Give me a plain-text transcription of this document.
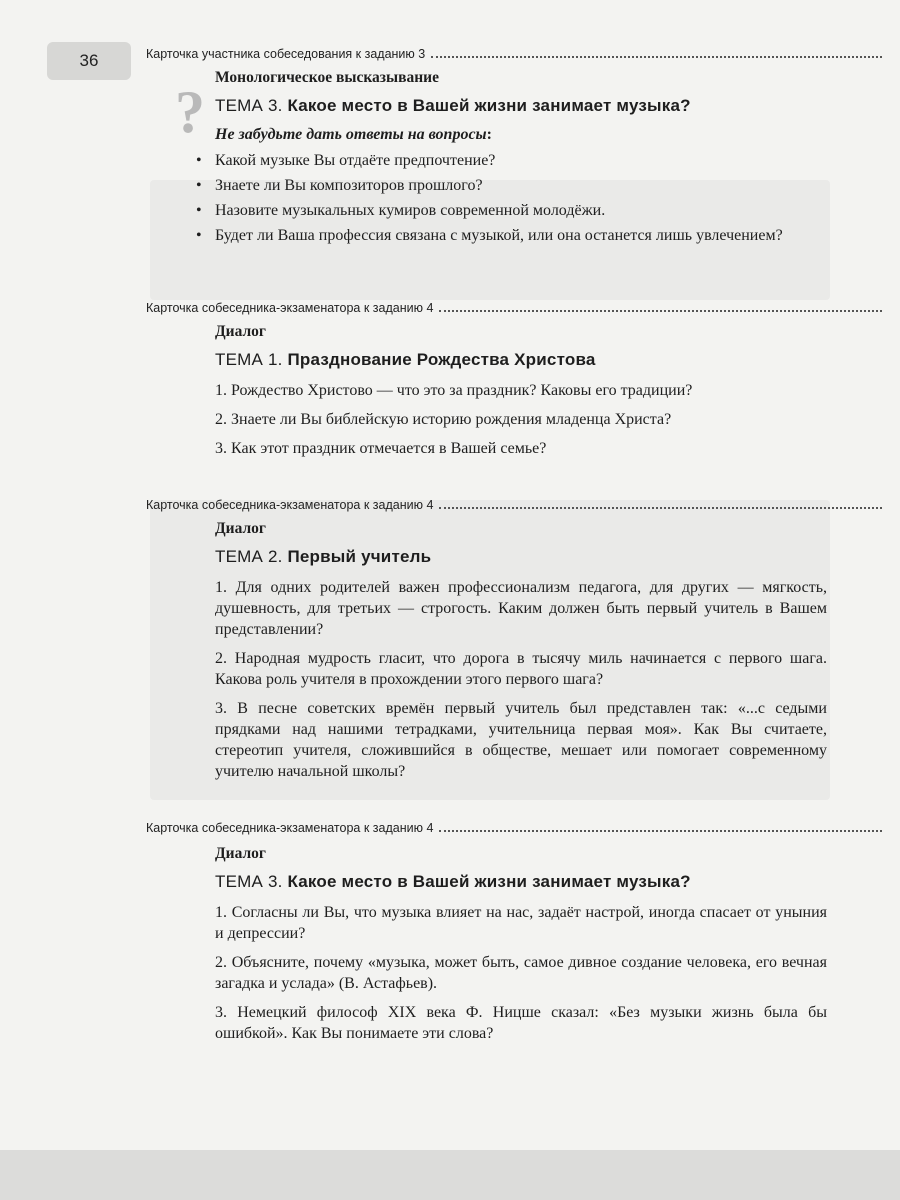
36	Карточка участника собеседования к заданию 3
?

Монологическое высказывание

ТЕМА 3. Какое место в Вашей жизни занимает музыка?

Не забудьте дать ответы на вопросы:

• Какой музыке Вы отдаёте предпочтение?
• Знаете ли Вы композиторов прошлого?
• Назовите музыкальных кумиров современной молодёжи.
• Будет ли Ваша профессия связана с музыкой, или она останется лишь увлечением?
Карточка собеседника-экзаменатора к заданию 4

Диалог

ТЕМА 1. Празднование Рождества Христова

1. Рождество Христово — что это за праздник? Каковы его традиции?

2. Знаете ли Вы библейскую историю рождения младенца Христа?

3. Как этот праздник отмечается в Вашей семье?

Карточка собеседника-экзаменатора к заданию 4

Диалог

ТЕМА 2. Первый учитель

1. Для одних родителей важен профессионализм педагога, для других — мягкость, душевность, для третьих — строгость. Каким должен быть первый учитель в Вашем представлении?

2. Народная мудрость гласит, что дорога в тысячу миль начинается с первого шага. Какова роль учителя в прохождении этого первого шага?

3. В песне советских времён первый учитель был представлен так: «...с седыми прядками над нашими тетрадками, учительница первая моя». Как Вы считаете, стереотип учителя, сложившийся в обществе, мешает или помогает современному учителю начальной школы?

Карточка собеседника-экзаменатора к заданию 4

Диалог

ТЕМА 3. Какое место в Вашей жизни занимает музыка?

1. Согласны ли Вы, что музыка влияет на нас, задаёт настрой, иногда спасает от уныния и депрессии?

2. Объясните, почему «музыка, может быть, самое дивное создание человека, его вечная загадка и услада» (В. Астафьев).

3. Немецкий философ XIX века Ф. Ницше сказал: «Без музыки жизнь была бы ошибкой». Как Вы понимаете эти слова?
